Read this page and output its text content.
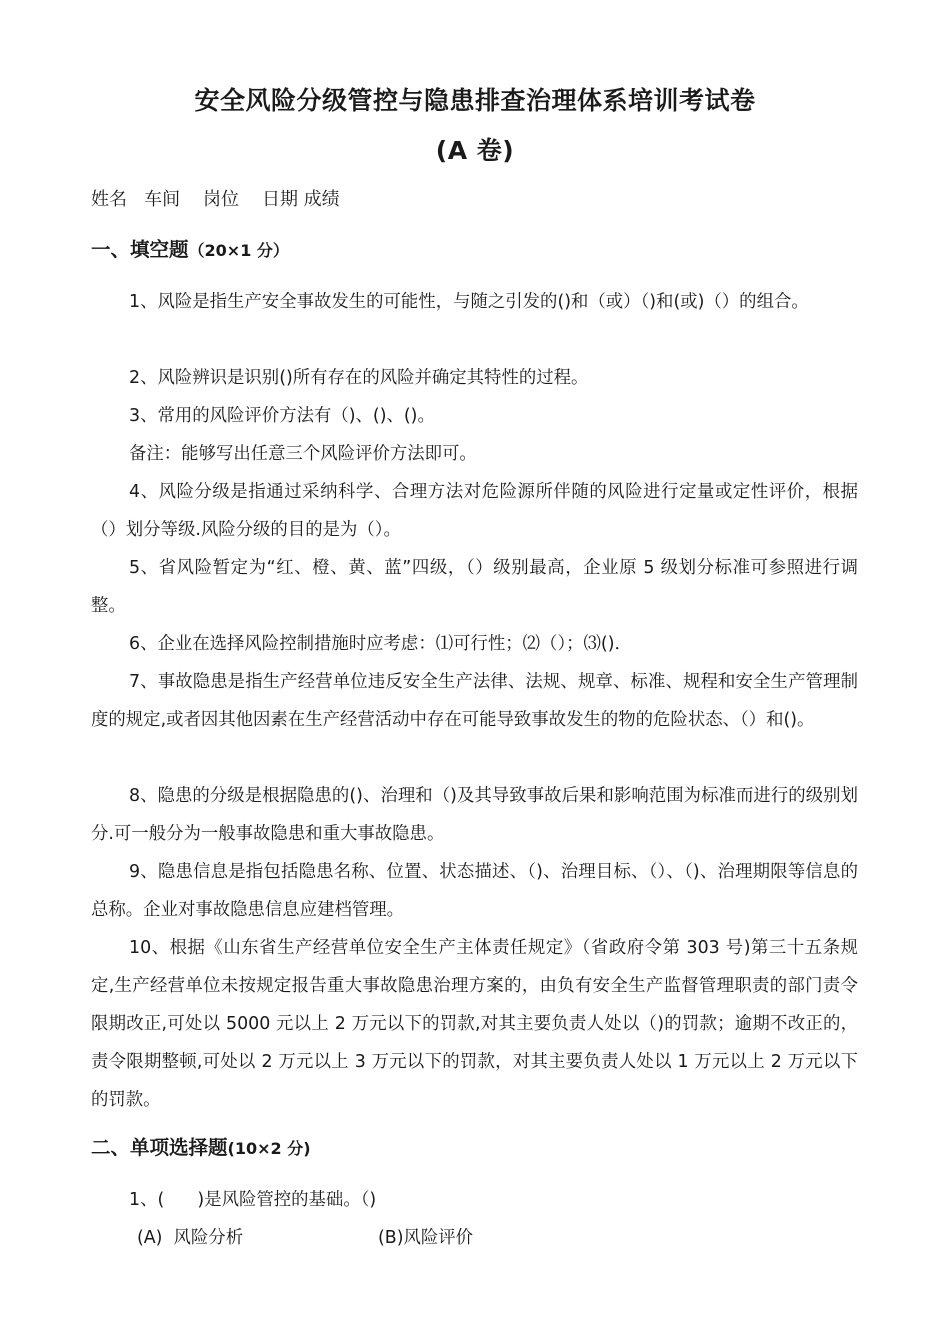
安全风险分级管控与隐患排查治理体系培训考试卷
(A 卷)
姓名   车间    岗位    日期 成绩
一、填空题（20×1 分）

1、风险是指生产安全事故发生的可能性，与随之引发的()和（或）（)和(或)（）的组合。

2、风险辨识是识别()所有存在的风险并确定其特性的过程。

3、常用的风险评价方法有（)、()、()。

备注：能够写出任意三个风险评价方法即可。

4、风险分级是指通过采纳科学、合理方法对危险源所伴随的风险进行定量或定性评价，根据（）划分等级.风险分级的目的是为（）。

5、省风险暂定为“红、橙、黄、蓝”四级，（）级别最高，企业原 5 级划分标准可参照进行调整。

6、企业在选择风险控制措施时应考虑：⑴可行性；⑵（）；⑶()．

7、事故隐患是指生产经营单位违反安全生产法律、法规、规章、标准、规程和安全生产管理制度的规定,或者因其他因素在生产经营活动中存在可能导致事故发生的物的危险状态、（）和()。

8、隐患的分级是根据隐患的()、治理和（)及其导致事故后果和影响范围为标准而进行的级别划分.可一般分为一般事故隐患和重大事故隐患。

9、隐患信息是指包括隐患名称、位置、状态描述、（)、治理目标、（）、（)、治理期限等信息的总称。企业对事故隐患信息应建档管理。

10、根据《山东省生产经营单位安全生产主体责任规定》（省政府令第 303 号)第三十五条规定,生产经营单位未按规定报告重大事故隐患治理方案的，由负有安全生产监督管理职责的部门责令限期改正,可处以 5000 元以上 2 万元以下的罚款,对其主要负责人处以（)的罚款；逾期不改正的，责令限期整顿,可处以 2 万元以上 3 万元以下的罚款，对其主要负责人处以 1 万元以上 2 万元以下的罚款。

二、单项选择题(10×2 分)

1、(      )是风险管控的基础。（)

(A)  风险分析	(B)风险评价
